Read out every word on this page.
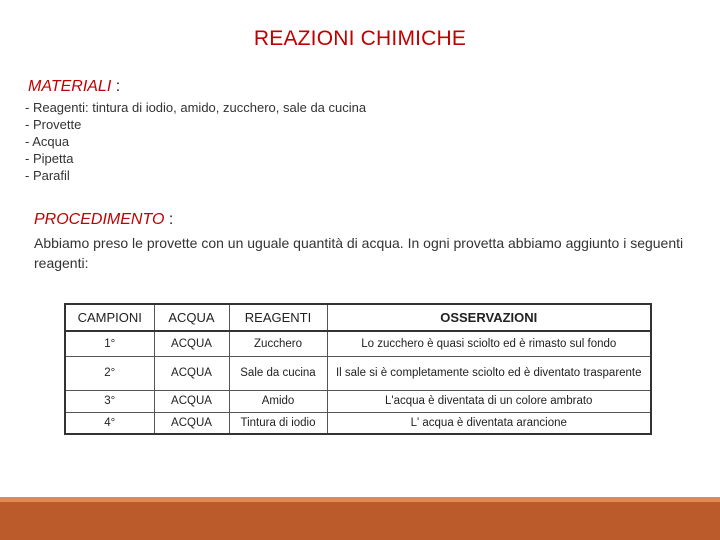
REAZIONI CHIMICHE
MATERIALI :
- Reagenti: tintura di iodio, amido, zucchero, sale da cucina
- Provette
- Acqua
- Pipetta
- Parafil
PROCEDIMENTO :
Abbiamo preso le provette con un uguale quantità di acqua. In ogni provetta abbiamo aggiunto i seguenti reagenti:
CAMPIONI	ACQUA	REAGENTI	OSSERVAZIONI
1°	ACQUA	Zucchero	Lo zucchero è quasi sciolto ed è rimasto sul fondo
2°	ACQUA	Sale da cucina	Il sale si è completamente sciolto ed è diventato trasparente
3°	ACQUA	Amido	L'acqua è diventata di un colore ambrato
4°	ACQUA	Tintura di iodio	L' acqua è diventata arancione
